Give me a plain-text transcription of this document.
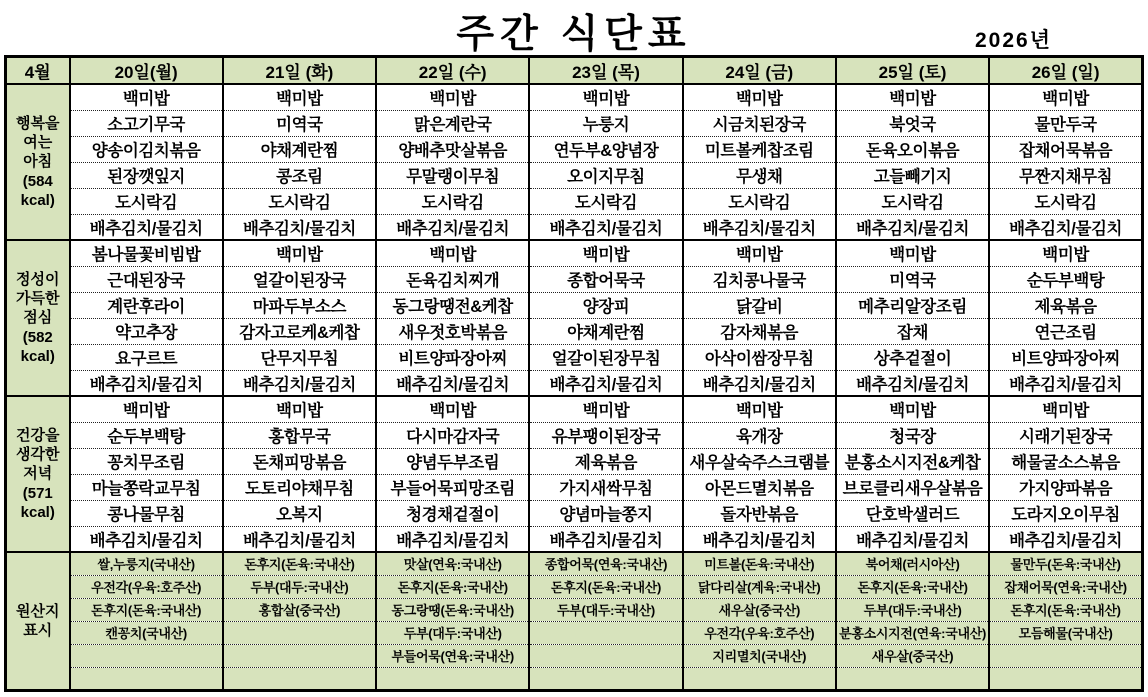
주간 식단표	2026년
4월	20일(월)	21일 (화)	22일 (수)	23일 (목)	24일 (금)	25일 (토)	26일 (일)
행복을
여는
아침
(584
kcal)	백미밥	백미밥	백미밥	백미밥	백미밥	백미밥	백미밥
	소고기무국	미역국	맑은계란국	누룽지	시금치된장국	북엇국	물만두국
	양송이김치볶음	야채계란찜	양배추맛살볶음	연두부&양념장	미트볼케찹조림	돈육오이볶음	잡채어묵볶음
	된장깻잎지	콩조림	무말랭이무침	오이지무침	무생채	고들빼기지	무짠지채무침
	도시락김	도시락김	도시락김	도시락김	도시락김	도시락김	도시락김
	배추김치/물김치	배추김치/물김치	배추김치/물김치	배추김치/물김치	배추김치/물김치	배추김치/물김치	배추김치/물김치
정성이
가득한
점심
(582
kcal)	봄나물꽃비빔밥	백미밥	백미밥	백미밥	백미밥	백미밥	백미밥
	근대된장국	얼갈이된장국	돈육김치찌개	종합어묵국	김치콩나물국	미역국	순두부백탕
	계란후라이	마파두부소스	동그랑땡전&케찹	양장피	닭갈비	메추리알장조림	제육볶음
	약고추장	감자고로케&케찹	새우젓호박볶음	야채계란찜	감자채볶음	잡채	연근조림
	요구르트	단무지무침	비트양파장아찌	얼갈이된장무침	아삭이쌈장무침	상추겉절이	비트양파장아찌
	배추김치/물김치	배추김치/물김치	배추김치/물김치	배추김치/물김치	배추김치/물김치	배추김치/물김치	배추김치/물김치
건강을
생각한
저녁
(571
kcal)	백미밥	백미밥	백미밥	백미밥	백미밥	백미밥	백미밥
	순두부백탕	홍합무국	다시마감자국	유부팽이된장국	육개장	청국장	시래기된장국
	꽁치무조림	돈채피망볶음	양념두부조림	제육볶음	새우살숙주스크램블	분홍소시지전&케찹	해물굴소스볶음
	마늘쫑락교무침	도토리야채무침	부들어묵피망조림	가지새싹무침	아몬드멸치볶음	브로클리새우살볶음	가지양파볶음
	콩나물무침	오복지	청경채겉절이	양념마늘쫑지	돌자반볶음	단호박샐러드	도라지오이무침
	배추김치/물김치	배추김치/물김치	배추김치/물김치	배추김치/물김치	배추김치/물김치	배추김치/물김치	배추김치/물김치
원산지
표시	쌀,누룽지(국내산)	돈후지(돈육:국내산)	맛살(연육:국내산)	종합어묵(연육:국내산)	미트볼(돈육:국내산)	북어채(러시아산)	물만두(돈육:국내산)
	우전각(우육:호주산)	두부(대두:국내산)	돈후지(돈육:국내산)	돈후지(돈육:국내산)	닭다리살(계육:국내산)	돈후지(돈육:국내산)	잡채어묵(연육:국내산)
	돈후지(돈육:국내산)	홍합살(중국산)	동그랑땡(돈육:국내산)	두부(대두:국내산)	새우살(중국산)	두부(대두:국내산)	돈후지(돈육:국내산)
	캔꽁치(국내산)		두부(대두:국내산)		우전각(우육:호주산)	분홍소시지전(연육:국내산)	모듬해물(국내산)
			부들어묵(연육:국내산)		지리멸치(국내산)	새우살(중국산)	
